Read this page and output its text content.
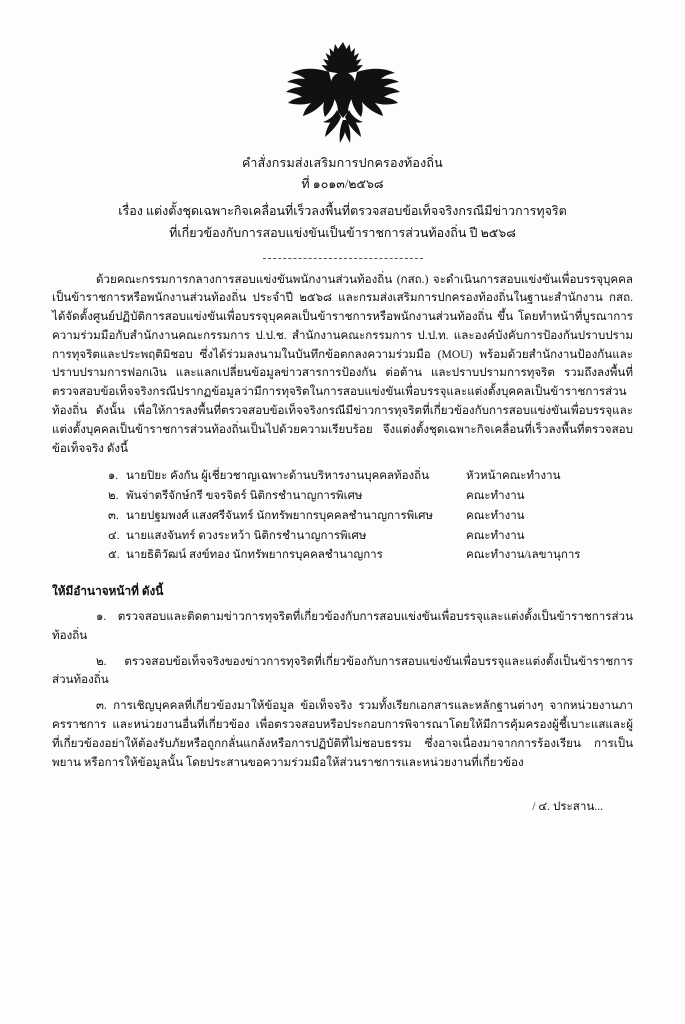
คำสั่งกรมส่งเสริมการปกครองท้องถิ่น
ที่ ๑๐๑๓/๒๕๖๘
เรื่อง แต่งตั้งชุดเฉพาะกิจเคลื่อนที่เร็วลงพื้นที่ตรวจสอบข้อเท็จจริงกรณีมีข่าวการทุจริต
ที่เกี่ยวข้องกับการสอบแข่งขันเป็นข้าราชการส่วนท้องถิ่น ปี ๒๕๖๘

ด้วยคณะกรรมการกลางการสอบแข่งขันพนักงานส่วนท้องถิ่น (กสถ.) จะดำเนินการสอบแข่งขันเพื่อบรรจุบุคคลเป็นข้าราชการหรือพนักงานส่วนท้องถิ่น ประจำปี ๒๕๖๘ และกรมส่งเสริมการปกครองท้องถิ่นในฐานะสำนักงาน กสถ. ได้จัดตั้งศูนย์ปฏิบัติการสอบแข่งขันเพื่อบรรจุบุคคลเป็นข้าราชการหรือพนักงานส่วนท้องถิ่น ขึ้น โดยทำหน้าที่บูรณาการความร่วมมือกับสำนักงานคณะกรรมการ ป.ป.ช. สำนักงานคณะกรรมการ ป.ป.ท. และองค์บังคับการป้องกันปราบปรามการทุจริตและประพฤติมิชอบ ซึ่งได้ร่วมลงนามในบันทึกข้อตกลงความร่วมมือ (MOU) พร้อมด้วยสำนักงานป้องกันและปราบปรามการฟอกเงิน และแลกเปลี่ยนข้อมูลข่าวสารการป้องกัน ต่อต้าน และปราบปรามการทุจริต รวมถึงลงพื้นที่ตรวจสอบข้อเท็จจริงกรณีปรากฏข้อมูลว่ามีการทุจริตในการสอบแข่งขันเพื่อบรรจุและแต่งตั้งบุคคลเป็นข้าราชการส่วนท้องถิ่น ดังนั้น เพื่อให้การลงพื้นที่ตรวจสอบข้อเท็จจริงกรณีมีข่าวการทุจริตที่เกี่ยวข้องกับการสอบแข่งขันเพื่อบรรจุและแต่งตั้งบุคคลเป็นข้าราชการส่วนท้องถิ่นเป็นไปด้วยความเรียบร้อย จึงแต่งตั้งชุดเฉพาะกิจเคลื่อนที่เร็วลงพื้นที่ตรวจสอบข้อเท็จจริง ดังนี้

๑. นายปิยะ คังกัน ผู้เชี่ยวชาญเฉพาะด้านบริหารงานบุคคลท้องถิ่น	หัวหน้าคณะทำงาน
๒. พันจ่าตรีจักษ์กรี ขจรจิตร์ นิติกรชำนาญการพิเศษ	คณะทำงาน
๓. นายปฐมพงศ์ แสงศรีจันทร์ นักทรัพยากรบุคคลชำนาญการพิเศษ	คณะทำงาน
๔. นายแสงจันทร์ ดวงระหว้า นิติกรชำนาญการพิเศษ	คณะทำงาน
๕. นายธิติวัฒน์ สงข์ทอง นักทรัพยากรบุคคลชำนาญการ	คณะทำงาน/เลขานุการ
ให้มีอำนาจหน้าที่ ดังนี้

๑. ตรวจสอบและติดตามข่าวการทุจริตที่เกี่ยวข้องกับการสอบแข่งขันเพื่อบรรจุและแต่งตั้งเป็นข้าราชการส่วนท้องถิ่น

๒. ตรวจสอบข้อเท็จจริงของข่าวการทุจริตที่เกี่ยวข้องกับการสอบแข่งขันเพื่อบรรจุและแต่งตั้งเป็นข้าราชการส่วนท้องถิ่น

๓. การเชิญบุคคลที่เกี่ยวข้องมาให้ข้อมูล ข้อเท็จจริง รวมทั้งเรียกเอกสารและหลักฐานต่างๆ จากหน่วยงานภาครราชการ และหน่วยงานอื่นที่เกี่ยวข้อง เพื่อตรวจสอบหรือประกอบการพิจารณาโดยให้มีการคุ้มครองผู้ชี้เบาะแสและผู้ที่เกี่ยวข้องอย่าให้ต้องรับภัยหรือถูกกลั่นแกล้งหรือการปฏิบัติที่ไม่ชอบธรรม ซึ่งอาจเนื่องมาจากการร้องเรียน การเป็นพยาน หรือการให้ข้อมูลนั้น โดยประสานขอความร่วมมือให้ส่วนราชการและหน่วยงานที่เกี่ยวข้อง

/ ๔. ประสาน...
